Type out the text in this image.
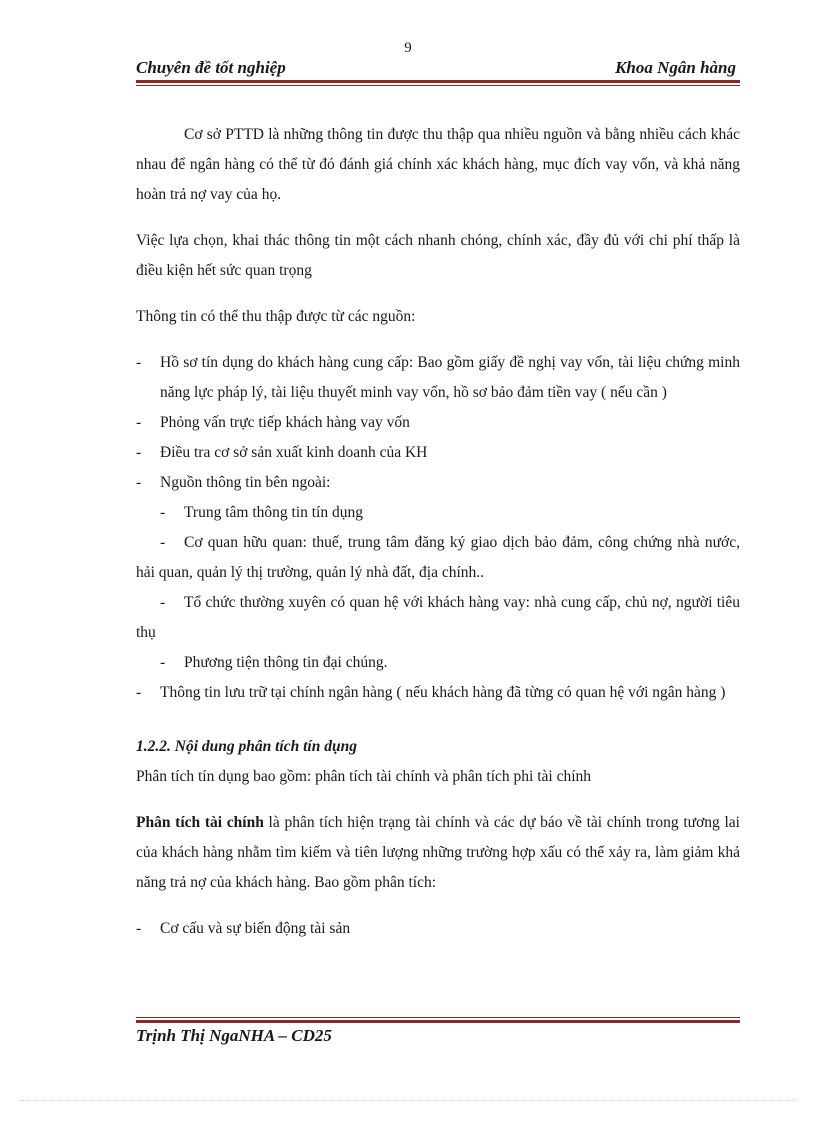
9
Chuyên đề tốt nghiệp	Khoa Ngân hàng

Cơ sở PTTD là những thông tin được thu thập qua nhiều nguồn và bằng nhiều cách khác nhau để ngân hàng có thể từ đó đánh giá chính xác khách hàng, mục đích vay vốn, và khả năng hoàn trả nợ vay của họ.

Việc lựa chọn, khai thác thông tin một cách nhanh chóng, chính xác, đầy đủ với chi phí thấp là điều kiện hết sức quan trọng

Thông tin có thể thu thập được từ các nguồn:

-	Hồ sơ tín dụng do khách hàng cung cấp: Bao gồm giấy đề nghị vay vốn, tài liệu chứng minh năng lực pháp lý, tài liệu thuyết minh vay vốn, hồ sơ bảo đảm tiền vay ( nếu cần )
-	Phỏng vấn trực tiếp khách hàng vay vốn
-	Điều tra cơ sở sản xuất kinh doanh của KH
-	Nguồn thông tin bên ngoài:
-	Trung tâm thông tin tín dụng

- Cơ quan hữu quan: thuế, trung tâm đăng ký giao dịch bảo đảm, công chứng nhà nước, hải quan, quản lý thị trường, quản lý nhà đất, địa chính..

- Tổ chức thường xuyên có quan hệ với khách hàng vay: nhà cung cấp, chủ nợ, người tiêu thụ

-	Phương tiện thông tin đại chúng.

- Thông tin lưu trữ tại chính ngân hàng ( nếu khách hàng đã từng có quan hệ với ngân hàng )

1.2.2. Nội dung phân tích tín dụng

Phân tích tín dụng bao gồm: phân tích tài chính và phân tích phi tài chính

Phân tích tài chính là phân tích hiện trạng tài chính và các dự báo về tài chính trong tương lai của khách hàng nhằm tìm kiếm và tiên lượng những trường hợp xấu có thể xảy ra, làm giảm khả năng trả nợ của khách hàng. Bao gồm phân tích:

-	Cơ cấu và sự biến động tài sản
Trịnh Thị NgaNHA – CD25
